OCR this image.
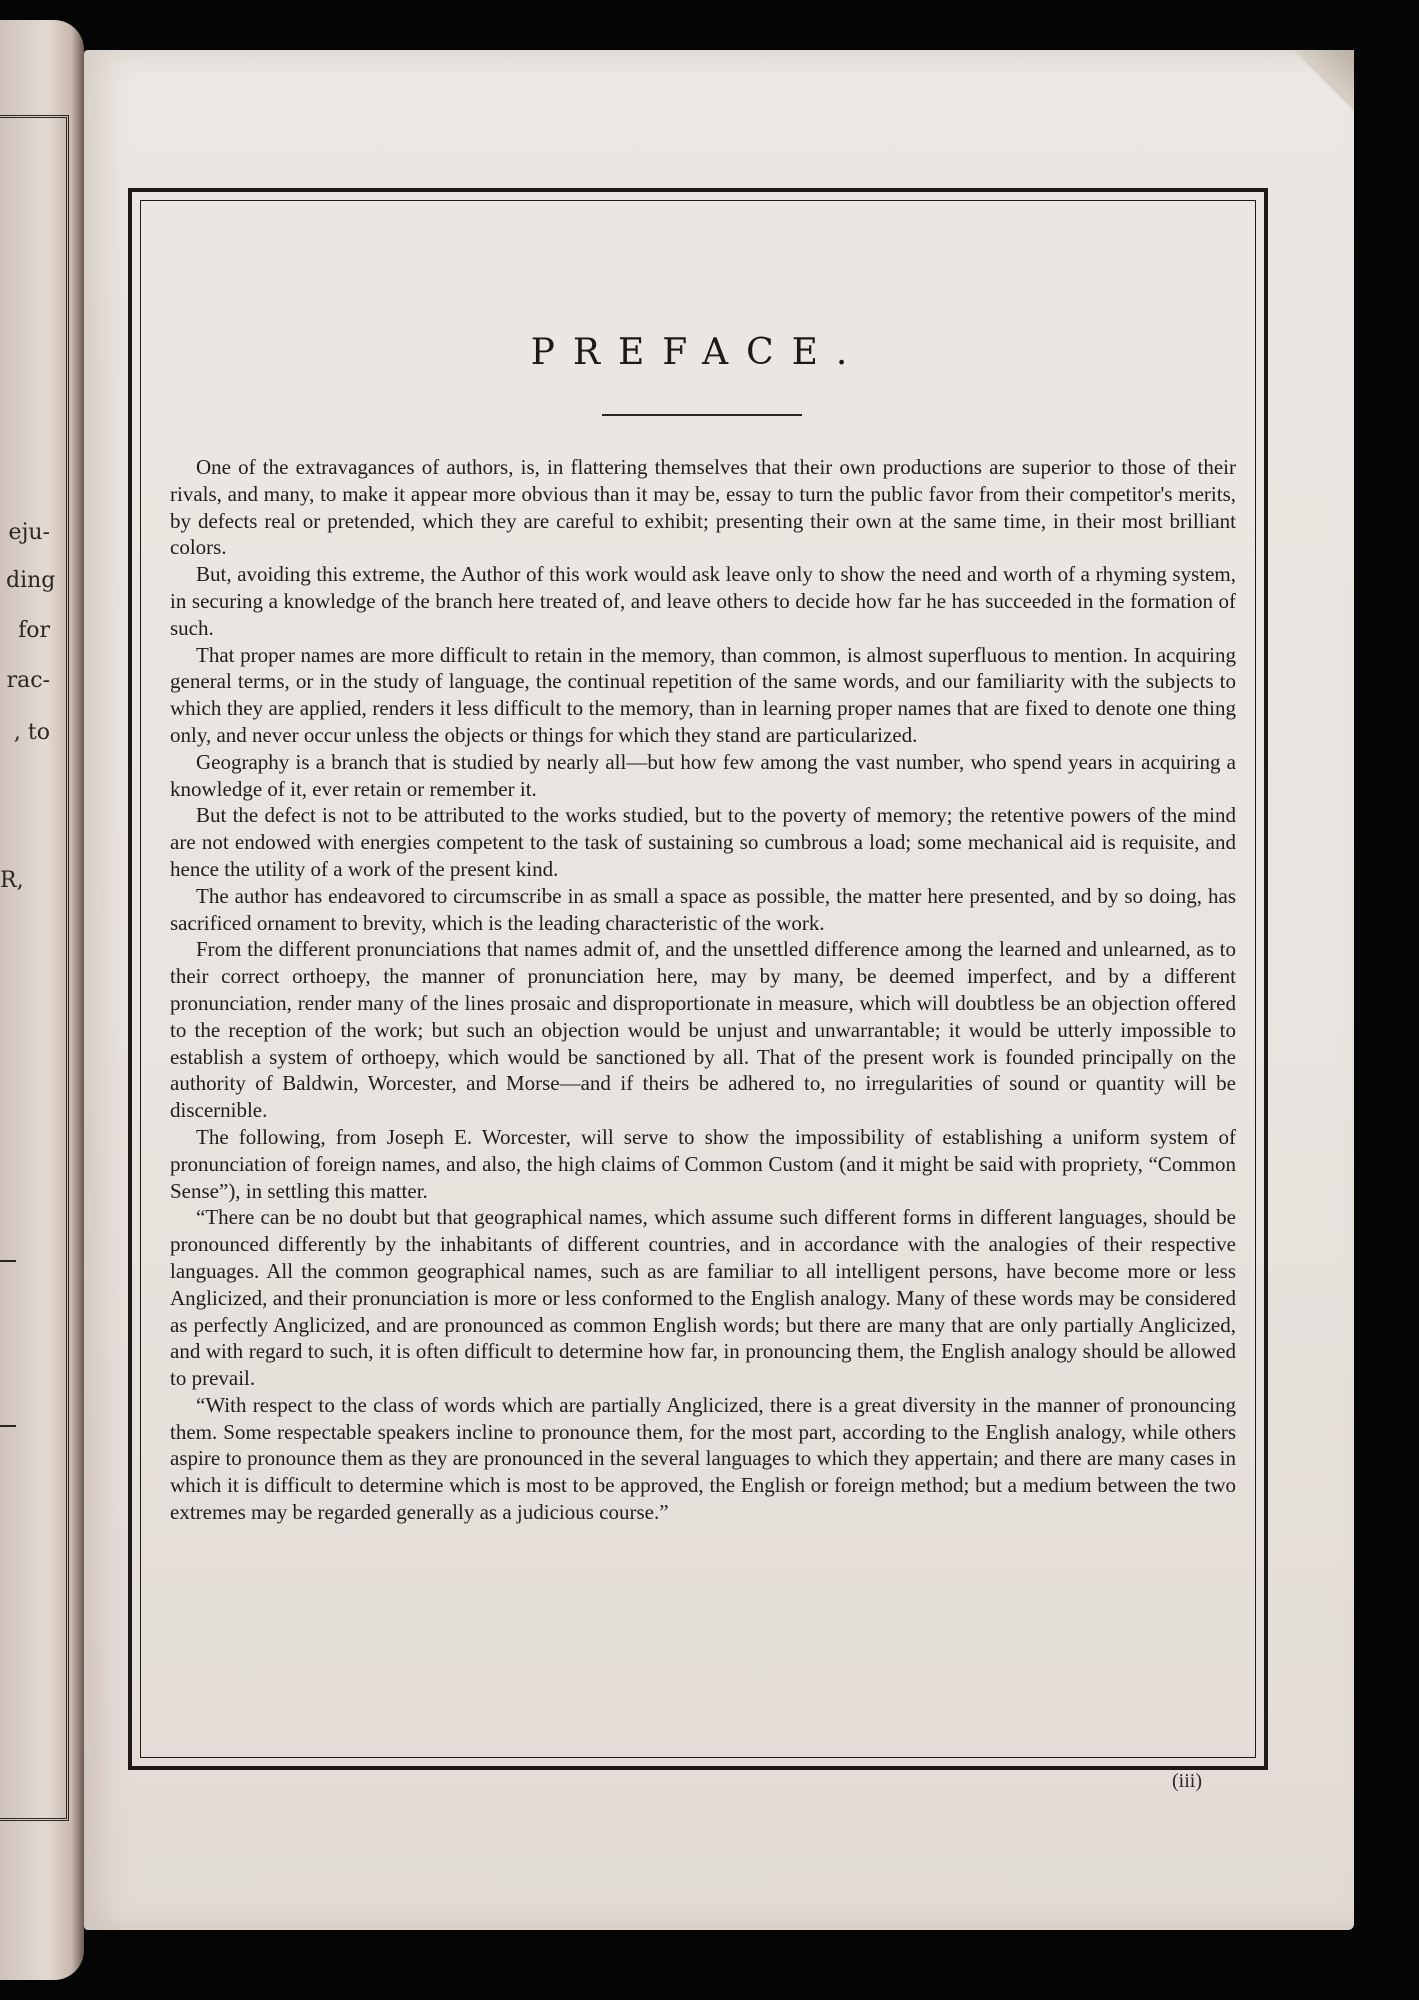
eju-
ding
for
rac-
, to
R,
PREFACE.

One of the extravagances of authors, is, in flattering themselves that their own productions are superior to those of their rivals, and many, to make it appear more obvious than it may be, essay to turn the public favor from their competitor's merits, by defects real or pretended, which they are careful to exhibit; presenting their own at the same time, in their most brilliant colors.

But, avoiding this extreme, the Author of this work would ask leave only to show the need and worth of a rhyming system, in securing a knowledge of the branch here treated of, and leave others to decide how far he has succeeded in the formation of such.

That proper names are more difficult to retain in the memory, than common, is almost superfluous to mention. In acquiring general terms, or in the study of language, the continual repetition of the same words, and our familiarity with the subjects to which they are applied, renders it less difficult to the memory, than in learning proper names that are fixed to denote one thing only, and never occur unless the objects or things for which they stand are particularized.

Geography is a branch that is studied by nearly all—but how few among the vast number, who spend years in acquiring a knowledge of it, ever retain or remember it.

But the defect is not to be attributed to the works studied, but to the poverty of memory; the retentive powers of the mind are not endowed with energies competent to the task of sustaining so cumbrous a load; some mechanical aid is requisite, and hence the utility of a work of the present kind.

The author has endeavored to circumscribe in as small a space as possible, the matter here presented, and by so doing, has sacrificed ornament to brevity, which is the leading characteristic of the work.

From the different pronunciations that names admit of, and the unsettled difference among the learned and unlearned, as to their correct orthoepy, the manner of pronunciation here, may by many, be deemed imperfect, and by a different pronunciation, render many of the lines prosaic and disproportionate in measure, which will doubtless be an objection offered to the reception of the work; but such an objection would be unjust and unwarrantable; it would be utterly impossible to establish a system of orthoepy, which would be sanctioned by all. That of the present work is founded principally on the authority of Baldwin, Worcester, and Morse—and if theirs be adhered to, no irregularities of sound or quantity will be discernible.

The following, from Joseph E. Worcester, will serve to show the impossibility of establishing a uniform system of pronunciation of foreign names, and also, the high claims of Common Custom (and it might be said with propriety, “Common Sense”), in settling this matter.

“There can be no doubt but that geographical names, which assume such different forms in different languages, should be pronounced differently by the inhabitants of different countries, and in accordance with the analogies of their respective languages. All the common geographical names, such as are familiar to all intelligent persons, have become more or less Anglicized, and their pronunciation is more or less conformed to the English analogy. Many of these words may be considered as perfectly Anglicized, and are pronounced as common English words; but there are many that are only partially Anglicized, and with regard to such, it is often difficult to determine how far, in pronouncing them, the English analogy should be allowed to prevail.

“With respect to the class of words which are partially Anglicized, there is a great diversity in the manner of pronouncing them. Some respectable speakers incline to pronounce them, for the most part, according to the English analogy, while others aspire to pronounce them as they are pronounced in the several languages to which they appertain; and there are many cases in which it is difficult to determine which is most to be approved, the English or foreign method; but a medium between the two extremes may be regarded generally as a judicious course.”

(iii)
